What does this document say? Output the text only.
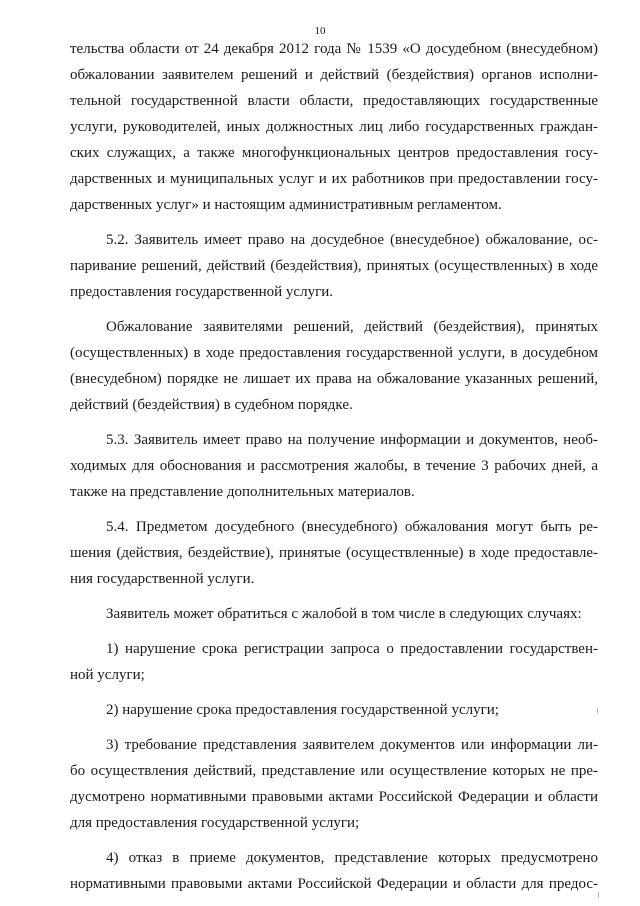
10
тельства области от 24 декабря 2012 года № 1539 «О досудебном (внесудебном)
обжаловании заявителем решений и действий (бездействия) органов исполни-
тельной государственной власти области, предоставляющих государственные
услуги, руководителей, иных должностных лиц либо государственных граждан-
ских служащих, а также многофункциональных центров предоставления госу-
дарственных и муниципальных услуг и их работников при предоставлении госу-
дарственных услуг» и настоящим административным регламентом.
5.2. Заявитель имеет право на досудебное (внесудебное) обжалование, ос-
паривание решений, действий (бездействия), принятых (осуществленных) в ходе
предоставления государственной услуги.
Обжалование заявителями решений, действий (бездействия), принятых
(осуществленных) в ходе предоставления государственной услуги, в досудебном
(внесудебном) порядке не лишает их права на обжалование указанных решений,
действий (бездействия) в судебном порядке.
5.3. Заявитель имеет право на получение информации и документов, необ-
ходимых для обоснования и рассмотрения жалобы, в течение 3 рабочих дней, а
также на представление дополнительных материалов.
5.4. Предметом досудебного (внесудебного) обжалования могут быть ре-
шения (действия, бездействие), принятые (осуществленные) в ходе предоставле-
ния государственной услуги.
Заявитель может обратиться с жалобой в том числе в следующих случаях:
1) нарушение срока регистрации запроса о предоставлении государствен-
ной услуги;
2) нарушение срока предоставления государственной услуги;
3) требование представления заявителем документов или информации ли-
бо осуществления действий, представление или осуществление которых не пре-
дусмотрено нормативными правовыми актами Российской Федерации и области
для предоставления государственной услуги;
4) отказ в приеме документов, представление которых предусмотрено
нормативными правовыми актами Российской Федерации и области для предос-
